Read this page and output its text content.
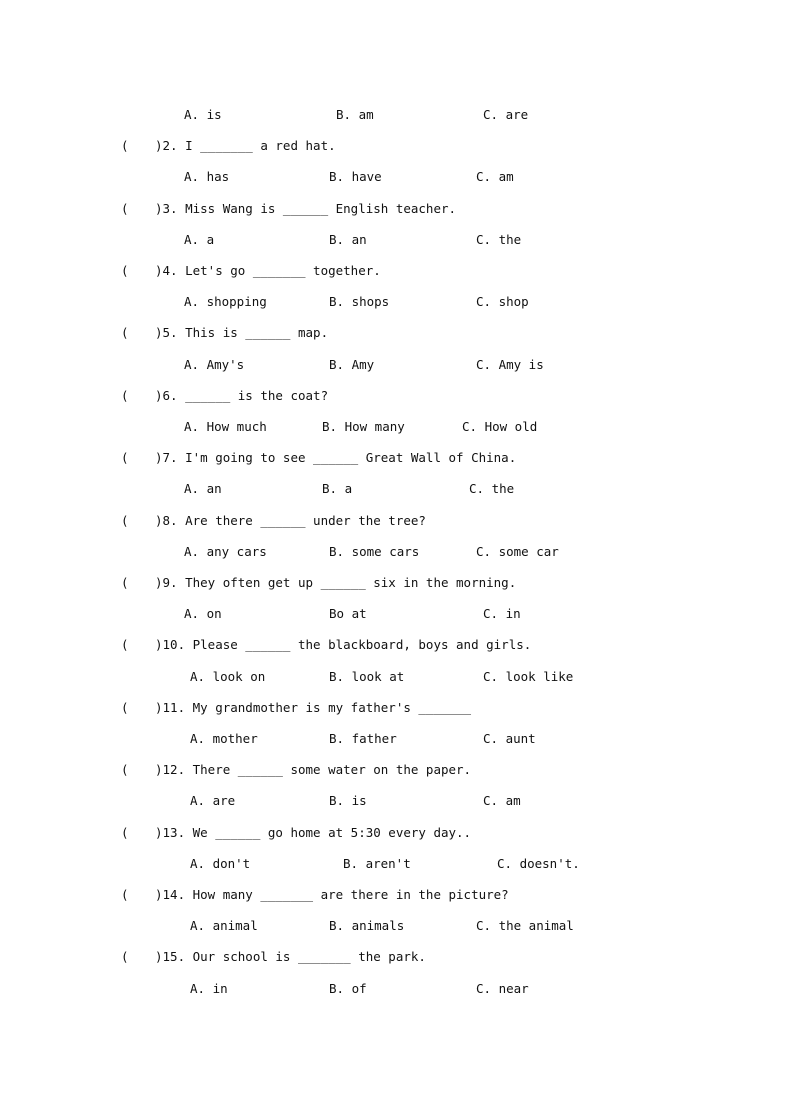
A. is	B. am	C. are
( )2. I _______ a red hat.
A. has	B. have	C. am
( )3. Miss Wang is ______ English teacher.
A. a	B. an	C. the
( )4. Let's go _______ together.
A. shopping	B. shops	C. shop
( )5. This is ______ map.
A. Amy's	B. Amy	C. Amy is
( )6. ______ is the coat?
A. How much	B. How many	C. How old
( )7. I'm going to see ______ Great Wall of China.
A. an	B. a	C. the
( )8. Are there ______ under the tree?
A. any cars	B. some cars	C. some car
( )9. They often get up ______ six in the morning.
A. on	Bo at	C. in
( )10. Please ______ the blackboard, boys and girls.
A. look on	B. look at	C. look like
( )11. My grandmother is my father's _______
A. mother	B. father	C. aunt
( )12. There ______ some water on the paper.
A. are	B. is	C. am
( )13. We ______ go home at 5:30 every day..
A. don't	B. aren't	C. doesn't.
( )14. How many _______ are there in the picture?
A. animal	B. animals	C. the animal
( )15. Our school is _______ the park.
A. in	B. of	C. near
